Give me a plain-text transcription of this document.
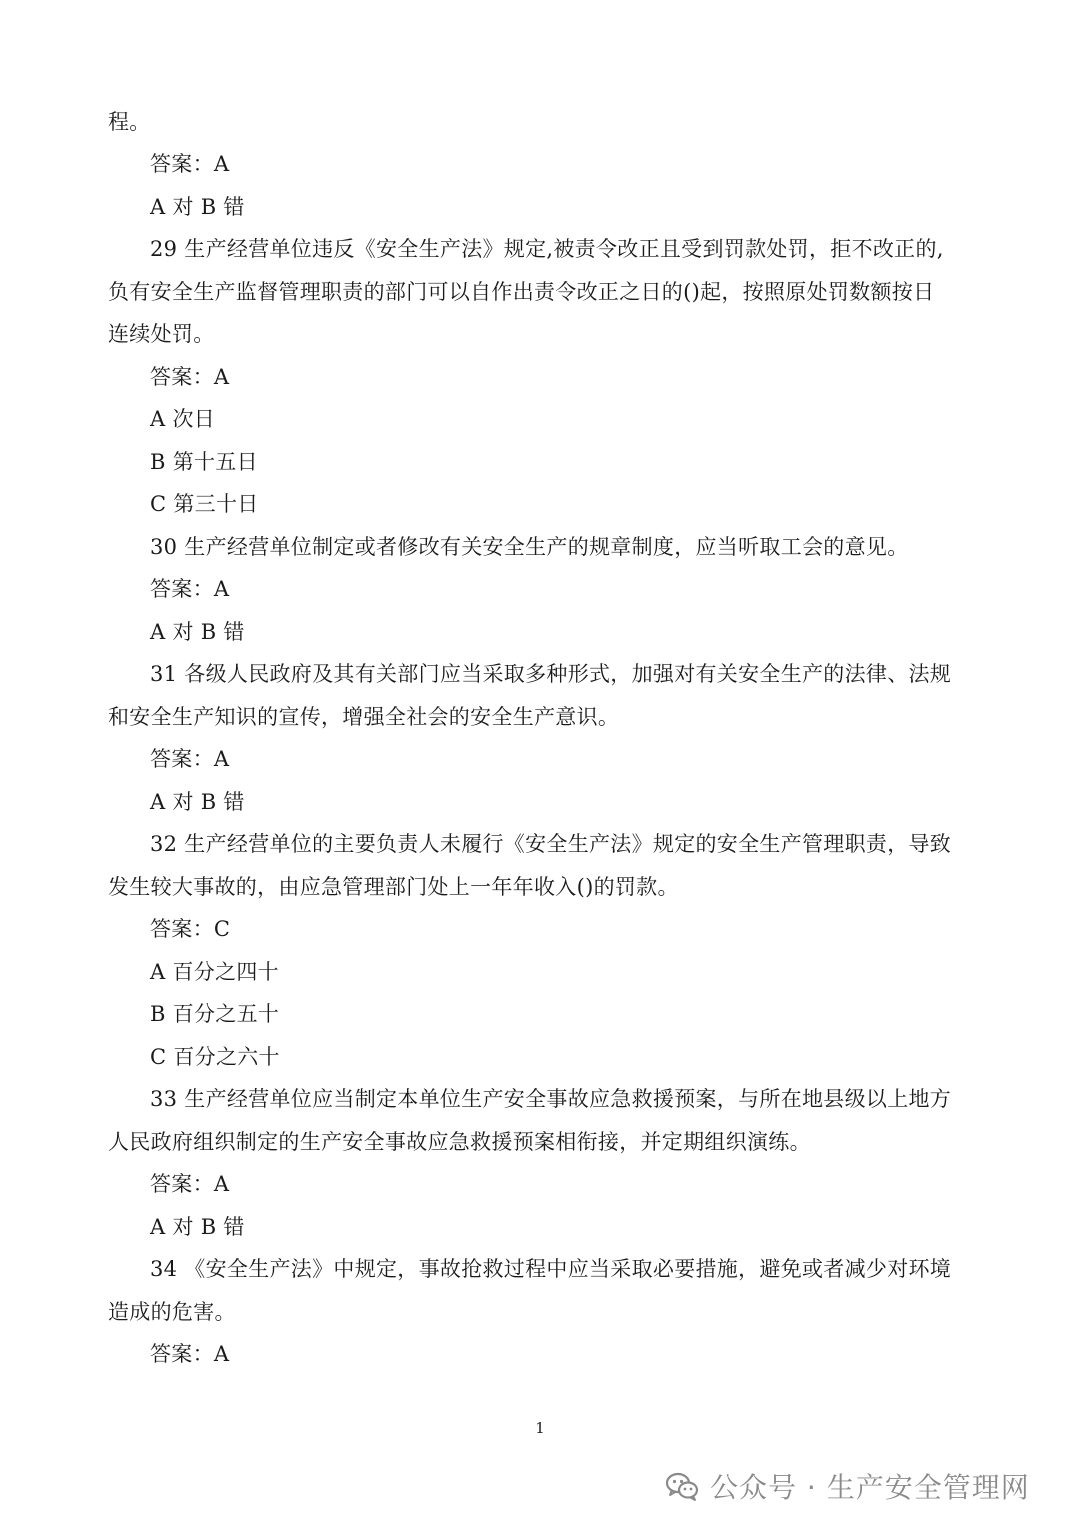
程。

答案：A

A 对 B 错

29 生产经营单位违反《安全生产法》规定,被责令改正且受到罚款处罚，拒不改正的,

负有安全生产监督管理职责的部门可以自作出责令改正之日的()起，按照原处罚数额按日

连续处罚。

答案：A

A 次日

B 第十五日

C 第三十日

30 生产经营单位制定或者修改有关安全生产的规章制度，应当听取工会的意见。

答案：A

A 对 B 错

31 各级人民政府及其有关部门应当采取多种形式，加强对有关安全生产的法律、法规

和安全生产知识的宣传，增强全社会的安全生产意识。

答案：A

A 对 B 错

32 生产经营单位的主要负责人未履行《安全生产法》规定的安全生产管理职责，导致

发生较大事故的，由应急管理部门处上一年年收入()的罚款。

答案：C

A 百分之四十

B 百分之五十

C 百分之六十

33 生产经营单位应当制定本单位生产安全事故应急救援预案，与所在地县级以上地方

人民政府组织制定的生产安全事故应急救援预案相衔接，并定期组织演练。

答案：A

A 对 B 错

34 《安全生产法》中规定，事故抢救过程中应当采取必要措施，避免或者减少对环境

造成的危害。

答案：A

1
公众号 · 生产安全管理网
